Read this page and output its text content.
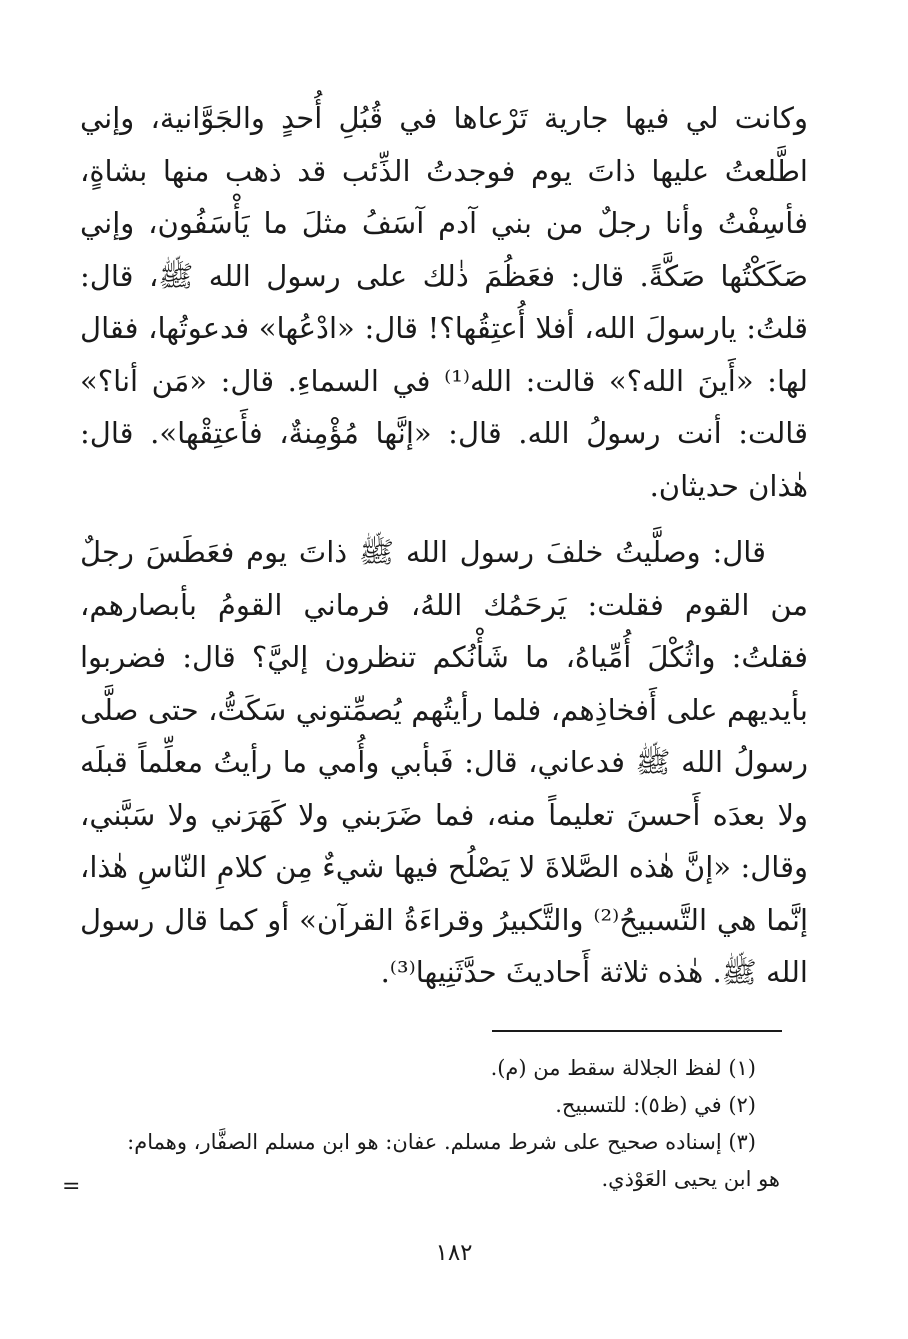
وكانت لي فيها جارية تَرْعاها في قُبُلِ أُحدٍ والجَوَّانية، وإني اطَّلعتُ عليها ذاتَ يوم فوجدتُ الذِّئب قد ذهب منها بشاةٍ، فأسِفْتُ وأنا رجلٌ من بني آدم آسَفُ مثلَ ما يَأْسَفُون، وإني صَكَكْتُها صَكَّةً. قال: فعَظُمَ ذٰلك على رسول الله ﷺ، قال: قلتُ: يارسولَ الله، أفلا أُعتِقُها؟! قال: «ادْعُها» فدعوتُها، فقال لها: «أَينَ الله؟» قالت: الله⁽¹⁾ في السماءِ. قال: «مَن أنا؟» قالت: أنت رسولُ الله. قال: «إنَّها مُؤْمِنةٌ، فأَعتِقْها». قال: هٰذان حديثان.

قال: وصلَّيتُ خلفَ رسول الله ﷺ ذاتَ يوم فعَطَسَ رجلٌ من القوم فقلت: يَرحَمُك اللهُ، فرماني القومُ بأبصارهم، فقلتُ: واثُكْلَ أُمِّياهُ، ما شَأْنُكم تنظرون إليَّ؟ قال: فضربوا بأيديهم على أَفخاذِهم، فلما رأيتُهم يُصمِّتوني سَكَتُّ، حتى صلَّى رسولُ الله ﷺ فدعاني، قال: فَبأبي وأُمي ما رأيتُ معلِّماً قبلَه ولا بعدَه أَحسنَ تعليماً منه، فما ضَرَبني ولا كَهَرَني ولا سَبَّني، وقال: «إنَّ هٰذه الصَّلاةَ لا يَصْلُح فيها شيءٌ مِن كلامِ النّاسِ هٰذا، إنَّما هي التَّسبيحُ⁽²⁾ والتَّكبيرُ وقراءَةُ القرآن» أو كما قال رسول الله ﷺ. هٰذه ثلاثة أَحاديثَ حدَّثَنِيها⁽³⁾.

(١) لفظ الجلالة سقط من (م).

(٢) في (ظ٥): للتسبيح.

(٣) إسناده صحيح على شرط مسلم. عفان: هو ابن مسلم الصفَّار، وهمام:

هو ابن يحيى العَوْذي.

=
١٨٢
